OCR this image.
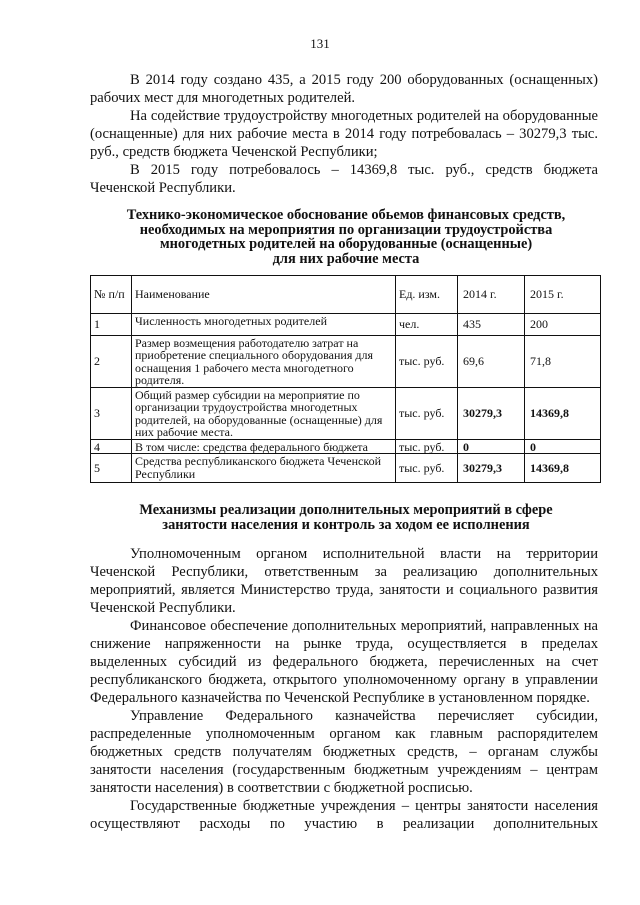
131

В 2014 году создано 435, а 2015 году 200 оборудованных (оснащенных) рабочих мест для многодетных родителей.

На содействие трудоустройству многодетных родителей на оборудованные (оснащенные) для них рабочие места в 2014 году потребовалась – 30279,3 тыс. руб., средств бюджета Чеченской Республики;

В 2015 году потребовалось – 14369,8 тыс. руб., средств бюджета Чеченской Республики.

Технико-экономическое обоснование обьемов финансовых средств,
необходимых на мероприятия по организации трудоустройства
многодетных родителей на оборудованные (оснащенные)
для них рабочие места
№ п/п	Наименование	Ед. изм.	2014 г.	2015 г.
1	Численность многодетных родителей	чел.	435	200
2	Размер возмещения работодателю затрат на приобретение специального оборудования для оснащения 1 рабочего места многодетного родителя.	тыс. руб.	69,6	71,8
3	Общий размер субсидии на мероприятие по организации трудоустройства многодетных родителей, на оборудованные (оснащенные) для них рабочие места.	тыс. руб.	30279,3	14369,8
4	В том числе: средства федерального бюджета	тыс. руб.	0	0
5	Средства республиканского бюджета Чеченской Республики	тыс. руб.	30279,3	14369,8
Механизмы реализации дополнительных мероприятий в сфере
занятости населения и контроль за ходом ее исполнения

Уполномоченным органом исполнительной власти на территории Чеченской Республики, ответственным за реализацию дополнительных мероприятий, является Министерство труда, занятости и социального развития Чеченской Республики.

Финансовое обеспечение дополнительных мероприятий, направленных на снижение напряженности на рынке труда, осуществляется в пределах выделенных субсидий из федерального бюджета, перечисленных на счет республиканского бюджета, открытого уполномоченному органу в управлении Федерального казначейства по Чеченской Республике в установленном порядке.

Управление Федерального казначейства перечисляет субсидии, распределенные уполномоченным органом как главным распорядителем бюджетных средств получателям бюджетных средств, – органам службы занятости населения (государственным бюджетным учреждениям – центрам занятости населения) в соответствии с бюджетной росписью.

Государственные бюджетные учреждения – центры занятости населения осуществляют расходы по участию в реализации дополнительных
